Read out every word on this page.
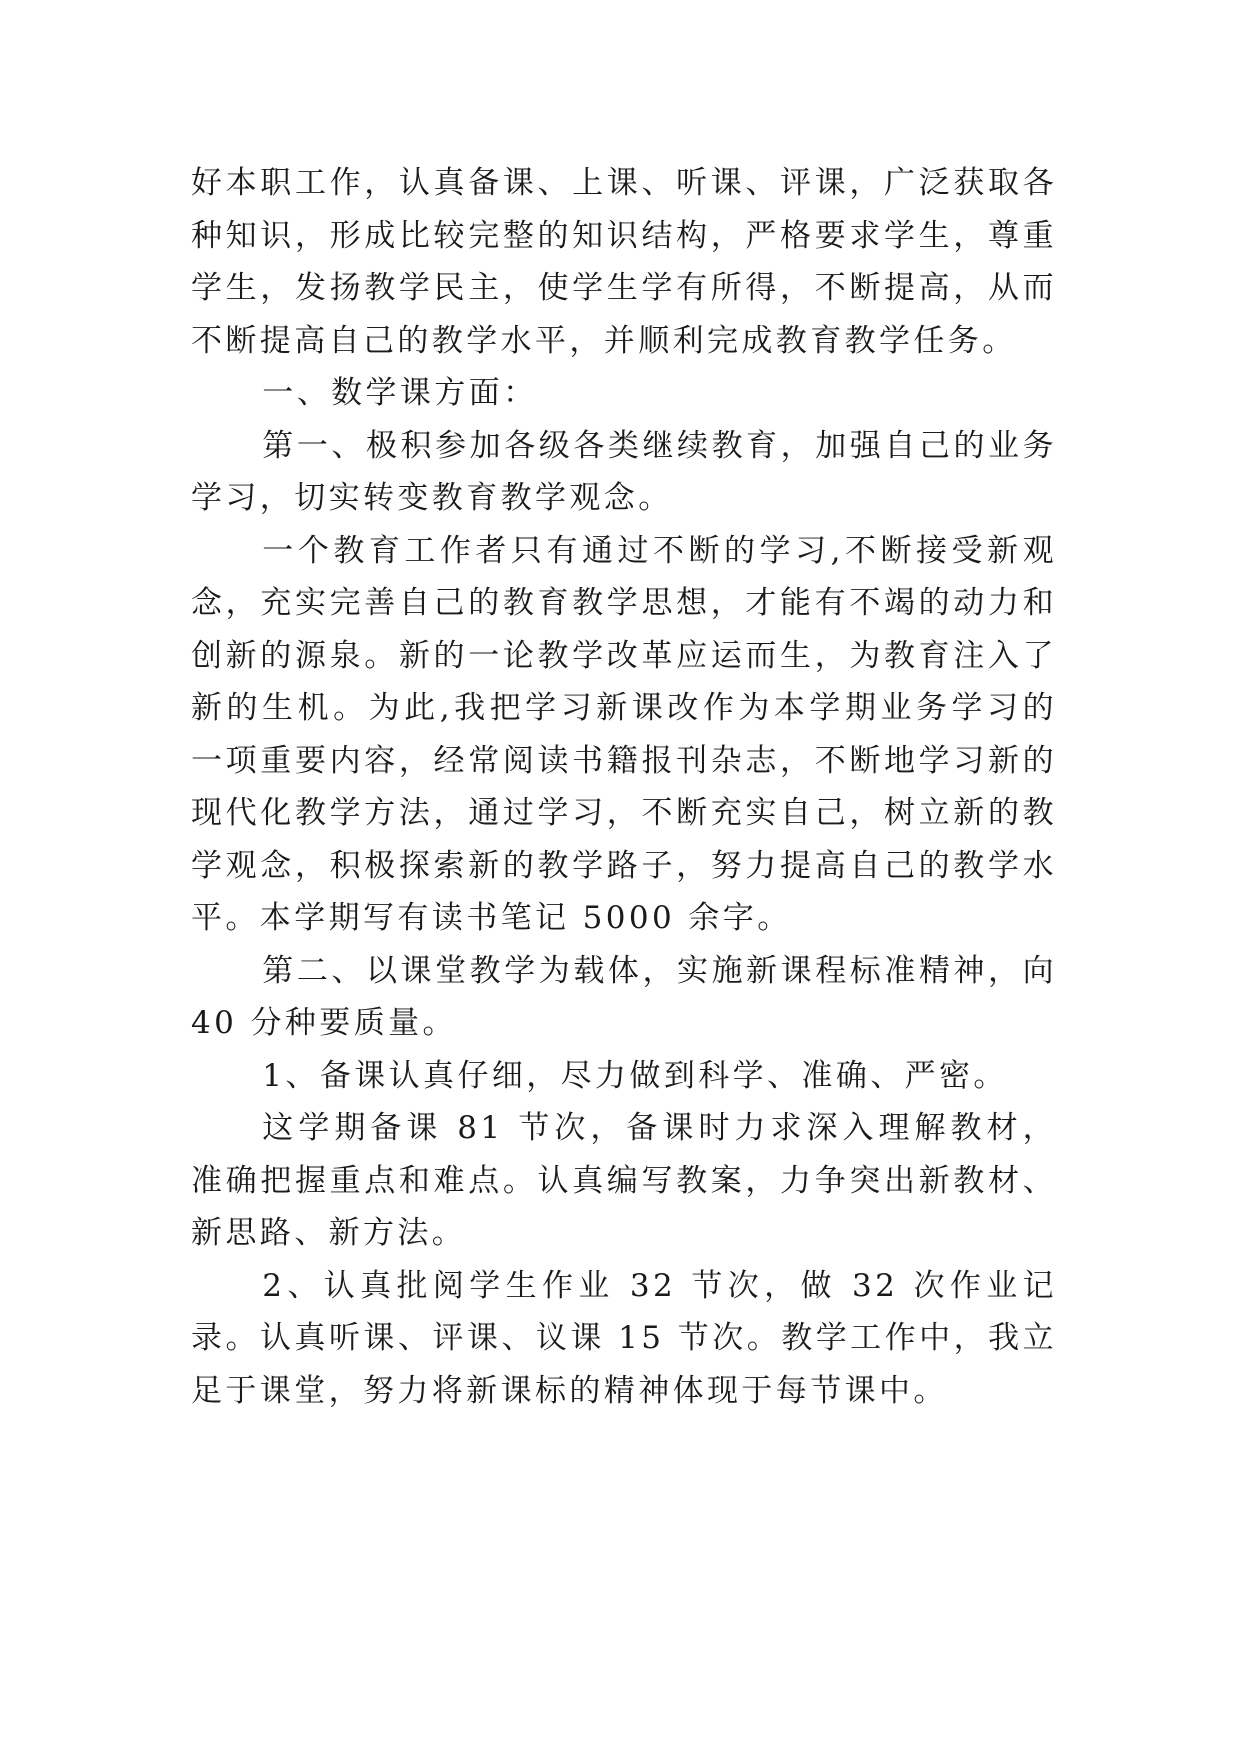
好本职工作，认真备课、上课、听课、评课，广泛获取各种知识，形成比较完整的知识结构，严格要求学生，尊重学生，发扬教学民主，使学生学有所得，不断提高，从而不断提高自己的教学水平，并顺利完成教育教学任务。

一、数学课方面：

第一、极积参加各级各类继续教育，加强自己的业务学习，切实转变教育教学观念。

一个教育工作者只有通过不断的学习,不断接受新观念，充实完善自己的教育教学思想，才能有不竭的动力和创新的源泉。新的一论教学改革应运而生，为教育注入了新的生机。为此,我把学习新课改作为本学期业务学习的一项重要内容，经常阅读书籍报刊杂志，不断地学习新的现代化教学方法，通过学习，不断充实自己，树立新的教学观念，积极探索新的教学路子，努力提高自己的教学水平。本学期写有读书笔记 5000 余字。

第二、以课堂教学为载体，实施新课程标准精神，向 40 分种要质量。

1、备课认真仔细，尽力做到科学、准确、严密。

这学期备课 81 节次，备课时力求深入理解教材，准确把握重点和难点。认真编写教案，力争突出新教材、新思路、新方法。

2、认真批阅学生作业 32 节次，做 32 次作业记录。认真听课、评课、议课 15 节次。教学工作中，我立足于课堂，努力将新课标的精神体现于每节课中。
